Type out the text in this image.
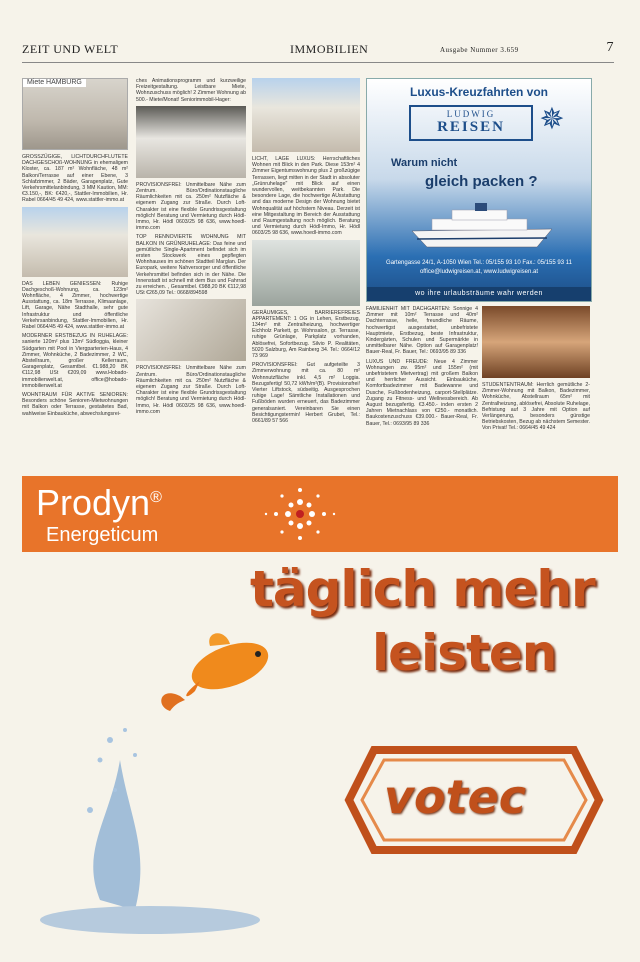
ZEIT UND WELT	IMMOBILIEN	Ausgabe Nummer 3.659	7
Miete HAMBURG

GROSSZÜGIGE, LICHTDURCHFLUTETE DACHGESCHOß-WOHNUNG in ehemaligem Kloster, ca. 187 m² Wohnfläche, 48 m² Balkon/Terrasse auf einer Ebene, 3 Schlafzimmer, 2 Bäder, Garagenplatz, Gute Verkehrsmittelanbindung, 3 MM Kaution, MM: €3.150,-, BK: €420,-, Stattler-Immobilien, Hr. Rabel 0664/45 49 424, www.stattler-immo.at

DAS LEBEN GENIESSEN: Ruhige Dachgeschoß-Wohnung, ca. 123m² Wohnfläche, 4 Zimmer, hochwertige Ausstattung, ca. 18m Terrasse, Klimaanlage, Lift, Garage, Nähe Stadthalle, sehr gute Infrastruktur und öffentliche Verkehrsanbindung, Stattler-Immobilien, Hr. Rabel 0664/45 49 424, www.stattler-immo.at

MODERNER ERSTBEZUG IN RUHELAGE: sanierte 120m² plus 13m² Südloggia, kleiner Südgarten mit Pool in Viergparterien-Haus, 4 Zimmer, Wohnküche, 2 Badezimmer, 2 WC, Abstellraum, großer Kellerraum, Garagenplatz, Gesamtbel. €1.988,20 BK €112,98 USt €209,09 www.Hobado-immobilienwelt.at, office@hobado-immobilienwelt.at

WOHNTRAUM FÜR AKTIVE SENIOREN: Besonders schöne Senioren-Mietwohnungen mit Balkon oder Terrasse, gestaltetes Bad, wahlweise Einbauküche, abwechslungsrei-

ches Animationsprogramm und kurzweilige Freizeitgestaltung. Leistbare Miete, Wohnzuschuss möglich! 2 Zimmer Wohnung ab 500.- Miete/Monat! Seniorimmobil-Hager:

PROVISIONSFREI: Unmittelbare Nähe zum Zentrum. Büro/Ordinationstaugliche Räumlichkeiten mit ca. 250m² Nutzfläche & eigenem Zugang zur Straße. Durch Loft-Charakter ist eine flexible Grundrissgestaltung möglich! Beratung und Vermietung durch Hödl-Immo, Hr. Hödl 0603/25 98 636, www.hoedl-immo.com

TOP RENNOVIERTE WOHNUNG MIT BALKON IN GRÜNRUHELAGE: Das feine und gemütliche Single-Apartment befindet sich im ersten Stockwerk eines gepflegten Wohnhauses im schönen Stadtteil Marglan. Der Europark, weitere Nahversorger und öffentliche Verkehrsmittel befinden sich in der Nähe. Die Innenstadt ist schnell mit dem Bus und Fahrrad zu erreichen. , Gesamtbel. €988,20 BK €112,98 USt €265,09 Tel.: 0668/894598

PROVISIONSFREI: Unmittelbare Nähe zum Zentrum. Büro/Ordinationstaugliche Räumlichkeiten mit ca. 250m² Nutzfläche & eigenem Zugang zur Straße. Durch Loft-Charakter ist eine flexible Grundrissgestaltung möglich! Beratung und Vermietung durch Hödl-Immo, Hr. Hödl 0603/25 98 636, www.hoedl-immo.com

LICHT, LAGE LUXUS: Herrschaftliches Wohnen mit Blick in den Park. Diese 153m² 4 Zimmer Eigentumswohnung plus 2 großzügige Terrassen, liegt mitten in der Stadt in absoluter „Grünruhelage" mit Blick auf einen wundervollen, weitbekannten Park. Die besondere Lage, die hochwertige AUsstattung and das moderne Design der Wohnung bietet Wohnqualität auf höchstem Niveau. Derzeit ist eine Mitgestaltung im Bereich der Ausstattung und Raumgestaltung noch möglich. Beratung und Vermietung durch Hödl-Immo, Hr. Hödl 0603/25 98 636, www.hoedl-immo.com

GERÄUMIGES, BARRIEREFREIES APPARTEMENT: 1 OG in Lehen, Erstbezug, 134m² mit Zentralheizung, hochwertiger Eichholz Parkett, gr. Wohnsalon, gr. Terrasse, ruhige Grünlage, Parkplatz vorhanden, Ablösefrei, Sofortbezug. Silvio P. Realitäten, 5020 Salzburg, Am Rainberg 34. Tel.: 0664/12 73 969

PROVISIONSFREI: Gut aufgeteilte 3 Zimmerwohnung mit ca. 80 m² Wohnnutzfläche inkl. 4,5 m² Loggia. Bezugsfertig! 50,72 kWh/m²(B). Provisionsfrei! Vierter Liftstock, südseitig. Ausgesprochen ruhige Lage! Sämtliche Installationen und Fußböden wurden erneuert, das Badezimmer generalsaniert. Vereinbaren Sie einen Besichtigungstermin! Herbert Grubet, Tel.: 0661/89 57 566

Luxus-Kreuzfahrten von
LUDWIG
REISEN	✵
Warum nicht
gleich packen ?
Gartengasse 24/1, A-1050 Wien Tel.: 05/155 93 10 Fax.: 05/155 93 11
office@ludwigreisen.at, www.ludwigreisen.at
wo ihre urlaubsträume wahr werden

FAMILIENHIT MIT DACHGARTEN: Sonnige 4 Zimmer mit 10m² Terrasse und 40m² Dachterrasse, helle, freundliche Räume, hochwertigst ausgestattet, unbefristete Hauptmiete, Erstbezug, beste Infrastruktur, Kindergärten, Schulen und Supermärkte in unmittelbarer Nähe. Option auf Garagenplatz! Bauer-Real, Fr. Bauer, Tel.: 0693/95 89 336

LUXUS UND FREUDE: Neue 4 Zimmer Wohnungen zw. 95m² und 155m² (mit unbefristetem Mietvertrag) mit großem Balkon und herrlicher Aussicht. Einbauküche, Komfortbadezimmer mit Badewanne und Dusche, Fußbodenheizung, carport-Stellplätze. Zugang zu Fitness- und Wellnessbereich. Ab August bezugsfertig. €3.450.- inden ersten 2 Jahren Mietnachlass von €250.- monatlich. Baukostenzuschuss €39.000.- Bauer-Real, Fr. Bauer, Tel.: 0693/95 89 336

STUDENTENTRAUM: Herrlich gemütliche 2-Zimmer-Wohnung mit Balkon, Badezimmer, Wohnküche, Abstellraum 65m² mit Zentralheizung, ablösefrei, Absolute Ruhelage, Befristung auf 3 Jahre mit Option auf Verlängerung, besonders günstige Betriebskosten, Bezug ab nächstem Semester. Von Privat! Tel.: 0664/45 49 424

Prodyn®
Energeticum
täglich mehr
leisten
votec
